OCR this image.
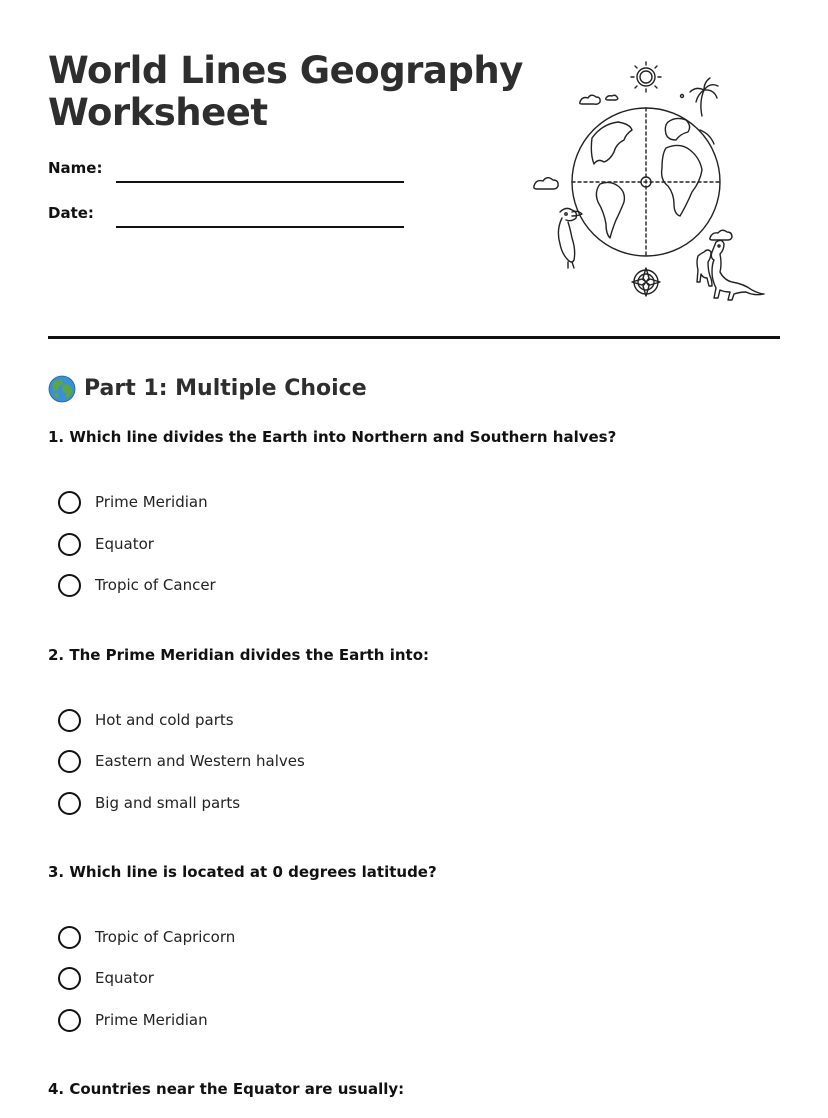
World Lines Geography
Worksheet
Name:
Date:
Part 1: Multiple Choice

1. Which line divides the Earth into Northern and Southern halves?

Prime Meridian
Equator
Tropic of Cancer

2. The Prime Meridian divides the Earth into:

Hot and cold parts
Eastern and Western halves
Big and small parts

3. Which line is located at 0 degrees latitude?

Tropic of Capricorn
Equator
Prime Meridian

4. Countries near the Equator are usually:
